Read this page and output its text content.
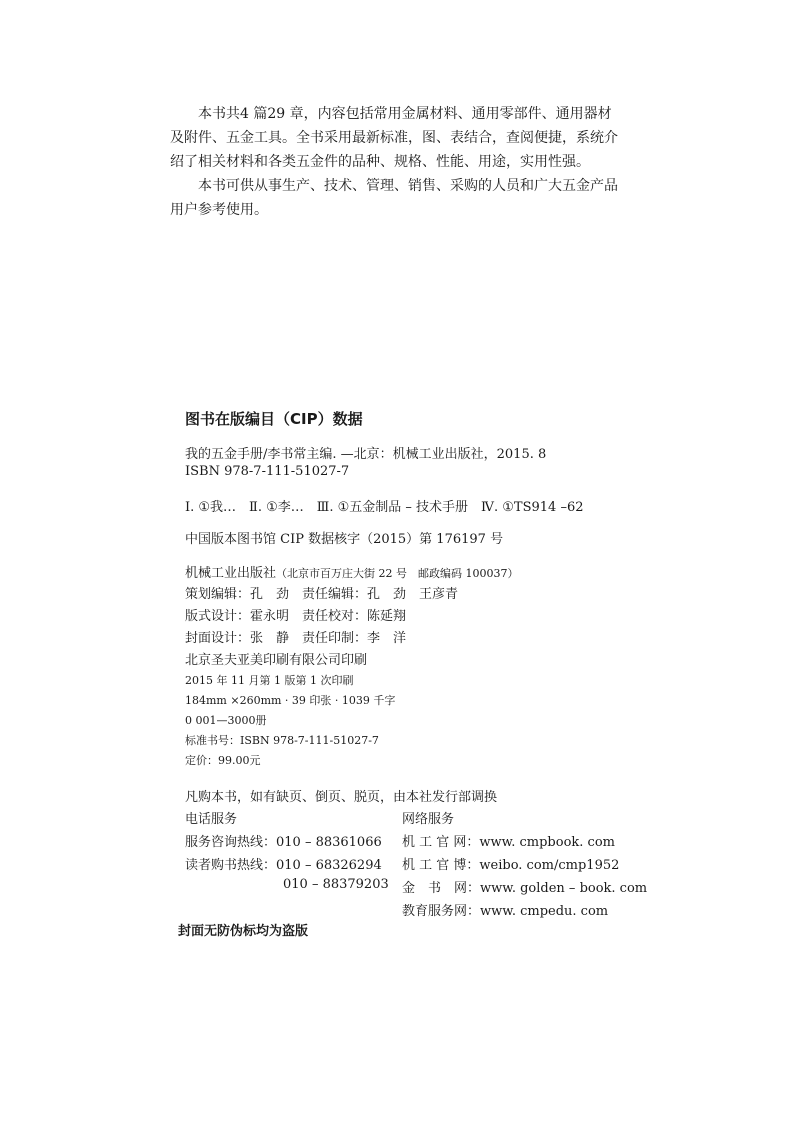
本书共4 篇29 章，内容包括常用金属材料、通用零部件、通用器材

及附件、五金工具。全书采用最新标准，图、表结合，查阅便捷，系统介

绍了相关材料和各类五金件的品种、规格、性能、用途，实用性强。

本书可供从事生产、技术、管理、销售、采购的人员和广大五金产品

用户参考使用。

图书在版编目（CIP）数据
我的五金手册/李书常主编. —北京：机械工业出版社，2015. 8
ISBN 978-7-111-51027-7
Ⅰ. ①我…　Ⅱ. ①李…　Ⅲ. ①五金制品 – 技术手册　Ⅳ. ①TS914 –62
中国版本图书馆 CIP 数据核字（2015）第 176197 号
机械工业出版社（北京市百万庄大街 22 号　邮政编码 100037）
策划编辑：孔　劲　责任编辑：孔　劲　王彦青
版式设计：霍永明　责任校对：陈延翔
封面设计：张　静　责任印制：李　洋
北京圣夫亚美印刷有限公司印刷
2015 年 11 月第 1 版第 1 次印刷
184mm ×260mm · 39 印张 · 1039 千字
0 001—3000册
标准书号：ISBN 978-7-111-51027-7
定价：99.00元
凡购本书，如有缺页、倒页、脱页，由本社发行部调换
电话服务	网络服务
服务咨询热线：010 – 88361066
读者购书热线：010 – 68326294
010 – 88379203
机 工 官 网：www. cmpbook. com
机 工 官 博：weibo. com/cmp1952
金　书　网：www. golden – book. com
教育服务网：www. cmpedu. com
封面无防伪标均为盗版
